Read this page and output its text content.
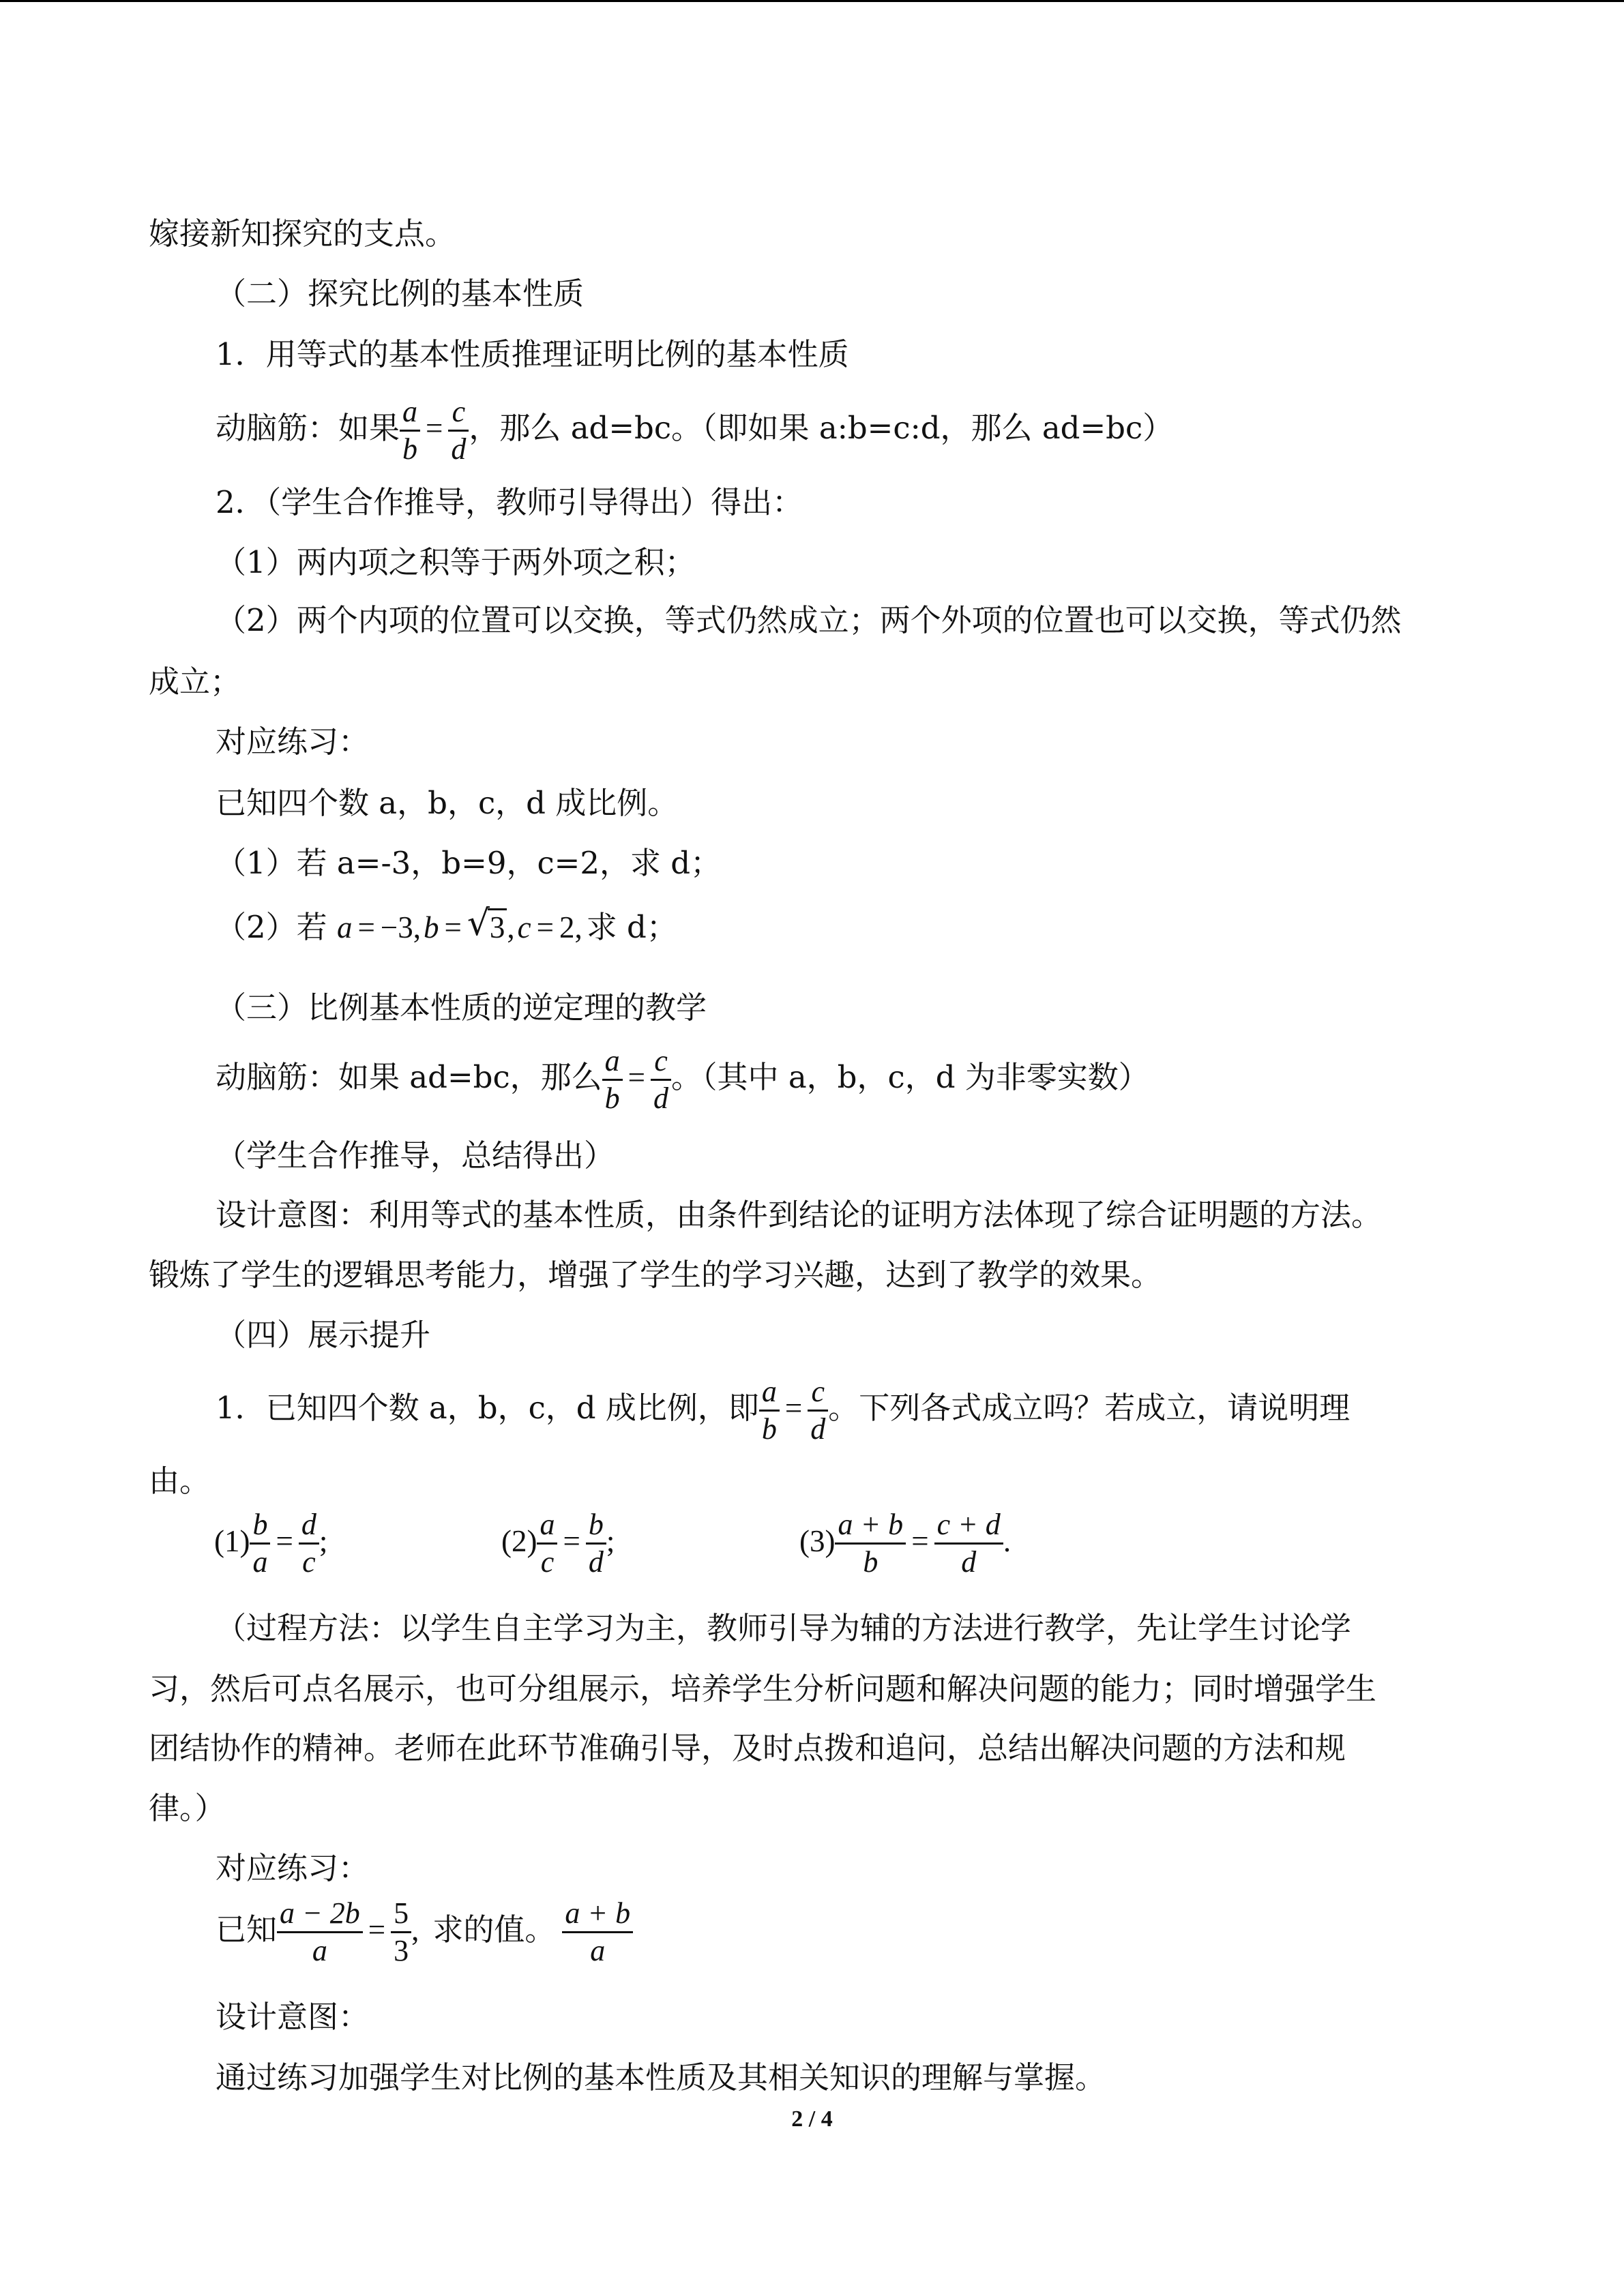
嫁接新知探究的支点。
（二）探究比例的基本性质
1．用等式的基本性质推理证明比例的基本性质
动脑筋：如果 $\frac{a}{b} = \frac{c}{d}$ ，那么 ad=bc。（即如果 a:b=c:d，那么 ad=bc）
2．（学生合作推导，教师引导得出）得出：
（1）两内项之积等于两外项之积；
（2）两个内项的位置可以交换，等式仍然成立；两个外项的位置也可以交换，等式仍然
成立；
对应练习：
已知四个数 a，b，c，d 成比例。
（1）若 a=-3，b=9，c=2，求 d；
（2）若 a = −3,b = √ 3,c = 2, 求 d；
（三）比例基本性质的逆定理的教学
动脑筋：如果 ad=bc，那么 $\frac{a}{b} = \frac{c}{d}$ 。（其中 a，b，c，d 为非零实数）
（学生合作推导，总结得出）
设计意图：利用等式的基本性质，由条件到结论的证明方法体现了综合证明题的方法。
锻炼了学生的逻辑思考能力，增强了学生的学习兴趣，达到了教学的效果。
（四）展示提升
1．已知四个数 a，b，c，d 成比例，即 $\frac{a}{b} = \frac{c}{d}$ 。下列各式成立吗？若成立，请说明理
由。
$(1) \frac{b}{a} = \frac{d}{c}$ ;	$(2) \frac{a}{c} = \frac{b}{d}$ ;	$(3) \frac{a + b}{b} = \frac{c + d}{d}$ .
（过程方法：以学生自主学习为主，教师引导为辅的方法进行教学，先让学生讨论学
习，然后可点名展示，也可分组展示，培养学生分析问题和解决问题的能力；同时增强学生
团结协作的精神。老师在此环节准确引导，及时点拨和追问，总结出解决问题的方法和规
律。）
对应练习：
已知 $\frac{a - 2b}{a} = \frac{5}{3}$ , 求的值。 $\frac{a + b}{a}$
设计意图：
通过练习加强学生对比例的基本性质及其相关知识的理解与掌握。
2 / 4
